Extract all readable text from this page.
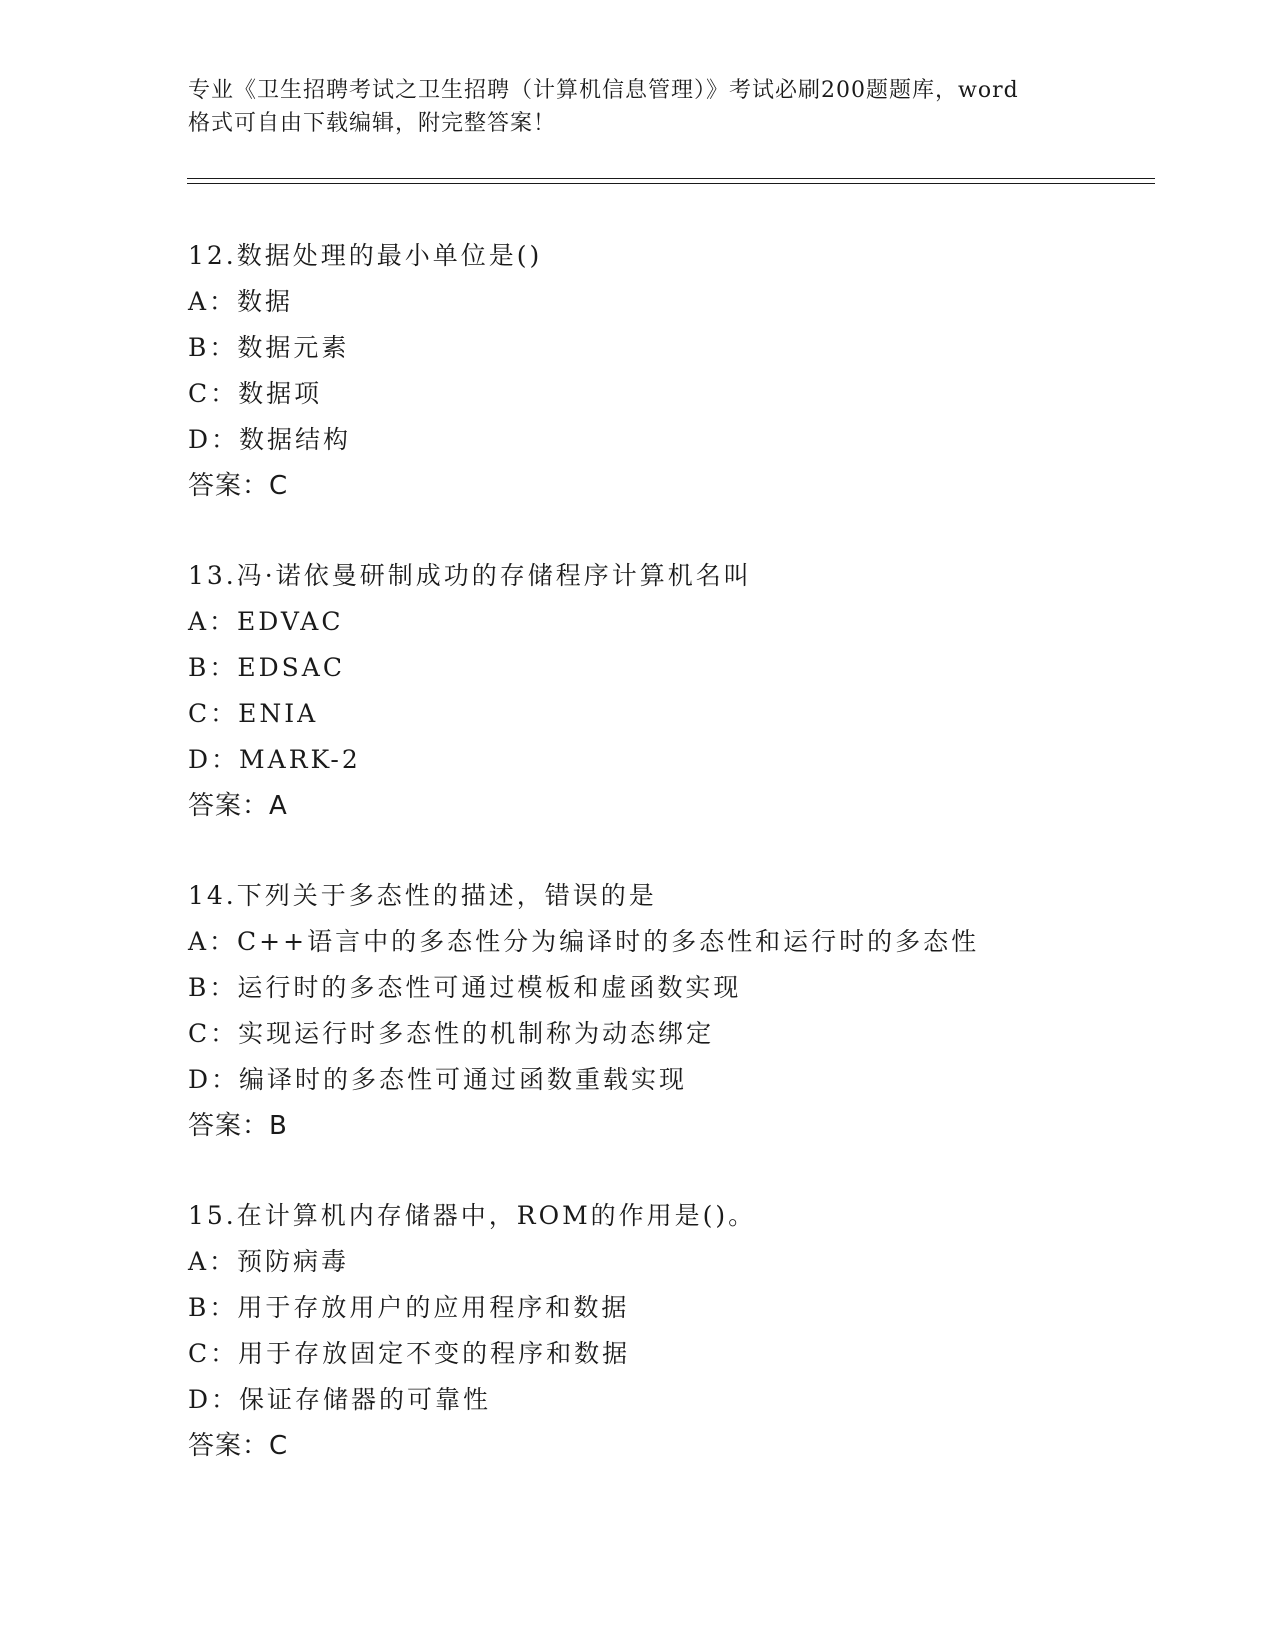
专业《卫生招聘考试之卫生招聘（计算机信息管理）》考试必刷200题题库，word
格式可自由下载编辑，附完整答案！
12.数据处理的最小单位是()
A：数据
B：数据元素
C：数据项
D：数据结构
答案：C
13.冯·诺依曼研制成功的存储程序计算机名叫
A：EDVAC
B：EDSAC
C：ENIA
D：MARK-2
答案：A
14.下列关于多态性的描述，错误的是
A：C++语言中的多态性分为编译时的多态性和运行时的多态性
B：运行时的多态性可通过模板和虚函数实现
C：实现运行时多态性的机制称为动态绑定
D：编译时的多态性可通过函数重载实现
答案：B
15.在计算机内存储器中，ROM的作用是()。
A：预防病毒
B：用于存放用户的应用程序和数据
C：用于存放固定不变的程序和数据
D：保证存储器的可靠性
答案：C
